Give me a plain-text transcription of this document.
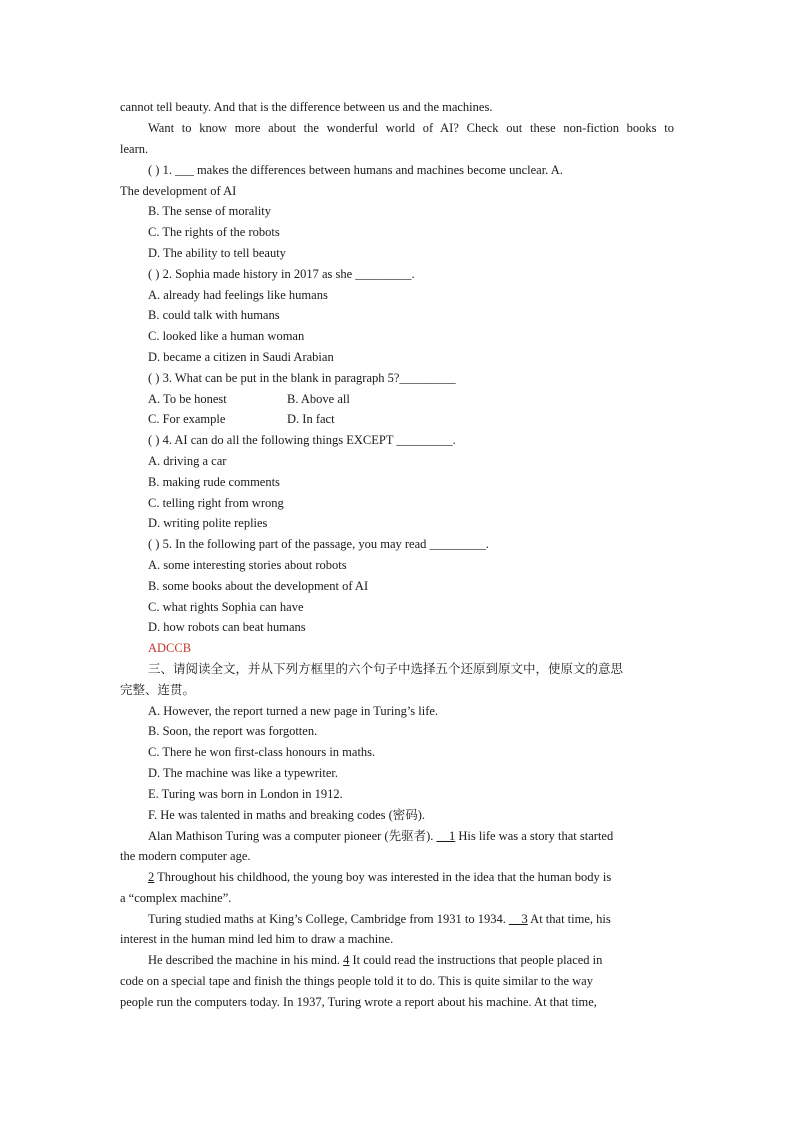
cannot tell beauty. And that is the difference between us and the machines.
Want to know more about the wonderful world of AI? Check out these non-fiction books to
learn.
( ) 1. ___ makes the differences between humans and machines become unclear. A.
The development of AI
B. The sense of morality
C. The rights of the robots
D. The ability to tell beauty
( ) 2. Sophia made history in 2017 as she _________.
A. already had feelings like humans
B. could talk with humans
C. looked like a human woman
D. became a citizen in Saudi Arabian
( ) 3. What can be put in the blank in paragraph 5?_________
A. To be honest	B. Above all
C. For example	D. In fact
( ) 4. AI can do all the following things EXCEPT _________.
A. driving a car
B. making rude comments
C. telling right from wrong
D. writing polite replies
( ) 5. In the following part of the passage, you may read _________.
A. some interesting stories about robots
B. some books about the development of AI
C. what rights Sophia can have
D. how robots can beat humans
ADCCB
三、请阅读全文，并从下列方框里的六个句子中选择五个还原到原文中，使原文的意思
完整、连贯。
A. However, the report turned a new page in Turing’s life.
B. Soon, the report was forgotten.
C. There he won first-class honours in maths.
D. The machine was like a typewriter.
E. Turing was born in London in 1912.
F. He was talented in maths and breaking codes (密码).
Alan Mathison Turing was a computer pioneer (先驱者). __1 His life was a story that started
the modern computer age.
2 Throughout his childhood, the young boy was interested in the idea that the human body is
a “complex machine”.
Turing studied maths at King’s College, Cambridge from 1931 to 1934. __3 At that time, his
interest in the human mind led him to draw a machine.
He described the machine in his mind. 4 It could read the instructions that people placed in
code on a special tape and finish the things people told it to do. This is quite similar to the way
people run the computers today. In 1937, Turing wrote a report about his machine. At that time,
